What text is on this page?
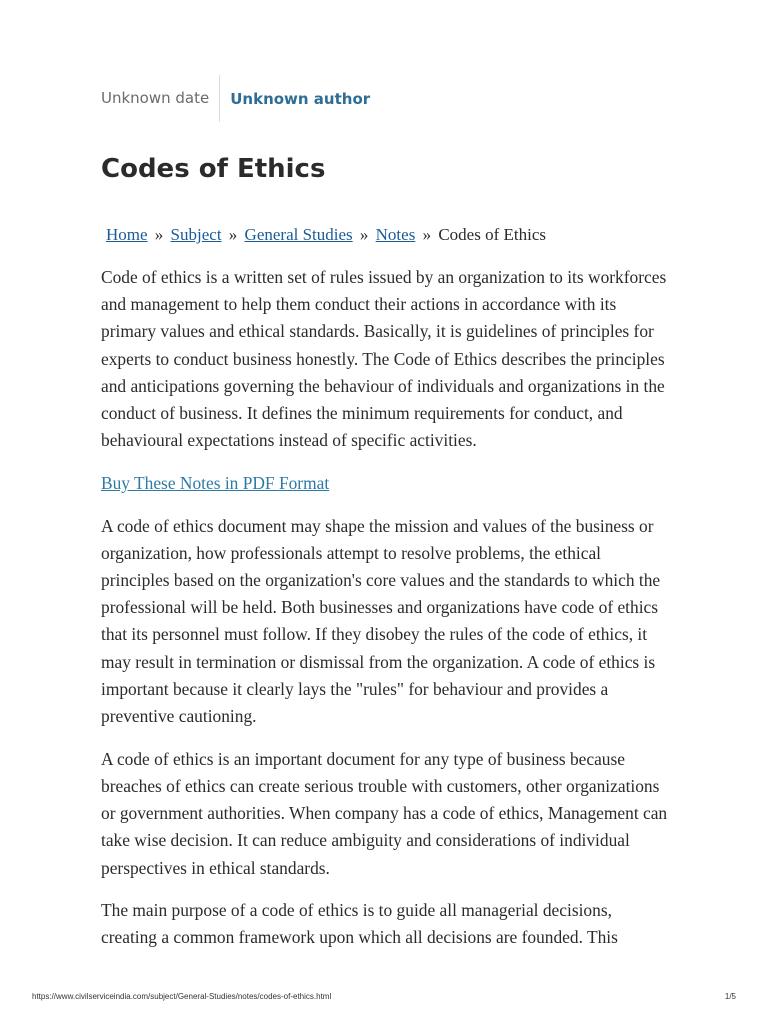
Unknown date	Unknown author
Codes of Ethics
Home » Subject » General Studies » Notes » Codes of Ethics

Code of ethics is a written set of rules issued by an organization to its workforces and management to help them conduct their actions in accordance with its primary values and ethical standards. Basically, it is guidelines of principles for experts to conduct business honestly. The Code of Ethics describes the principles and anticipations governing the behaviour of individuals and organizations in the conduct of business. It defines the minimum requirements for conduct, and behavioural expectations instead of specific activities.

Buy These Notes in PDF Format

A code of ethics document may shape the mission and values of the business or organization, how professionals attempt to resolve problems, the ethical principles based on the organization's core values and the standards to which the professional will be held. Both businesses and organizations have code of ethics that its personnel must follow. If they disobey the rules of the code of ethics, it may result in termination or dismissal from the organization. A code of ethics is important because it clearly lays the "rules" for behaviour and provides a preventive cautioning.

A code of ethics is an important document for any type of business because breaches of ethics can create serious trouble with customers, other organizations or government authorities. When company has a code of ethics, Management can take wise decision. It can reduce ambiguity and considerations of individual perspectives in ethical standards.

The main purpose of a code of ethics is to guide all managerial decisions, creating a common framework upon which all decisions are founded. This

https://www.civilserviceindia.com/subject/General-Studies/notes/codes-of-ethics.html	1/5
